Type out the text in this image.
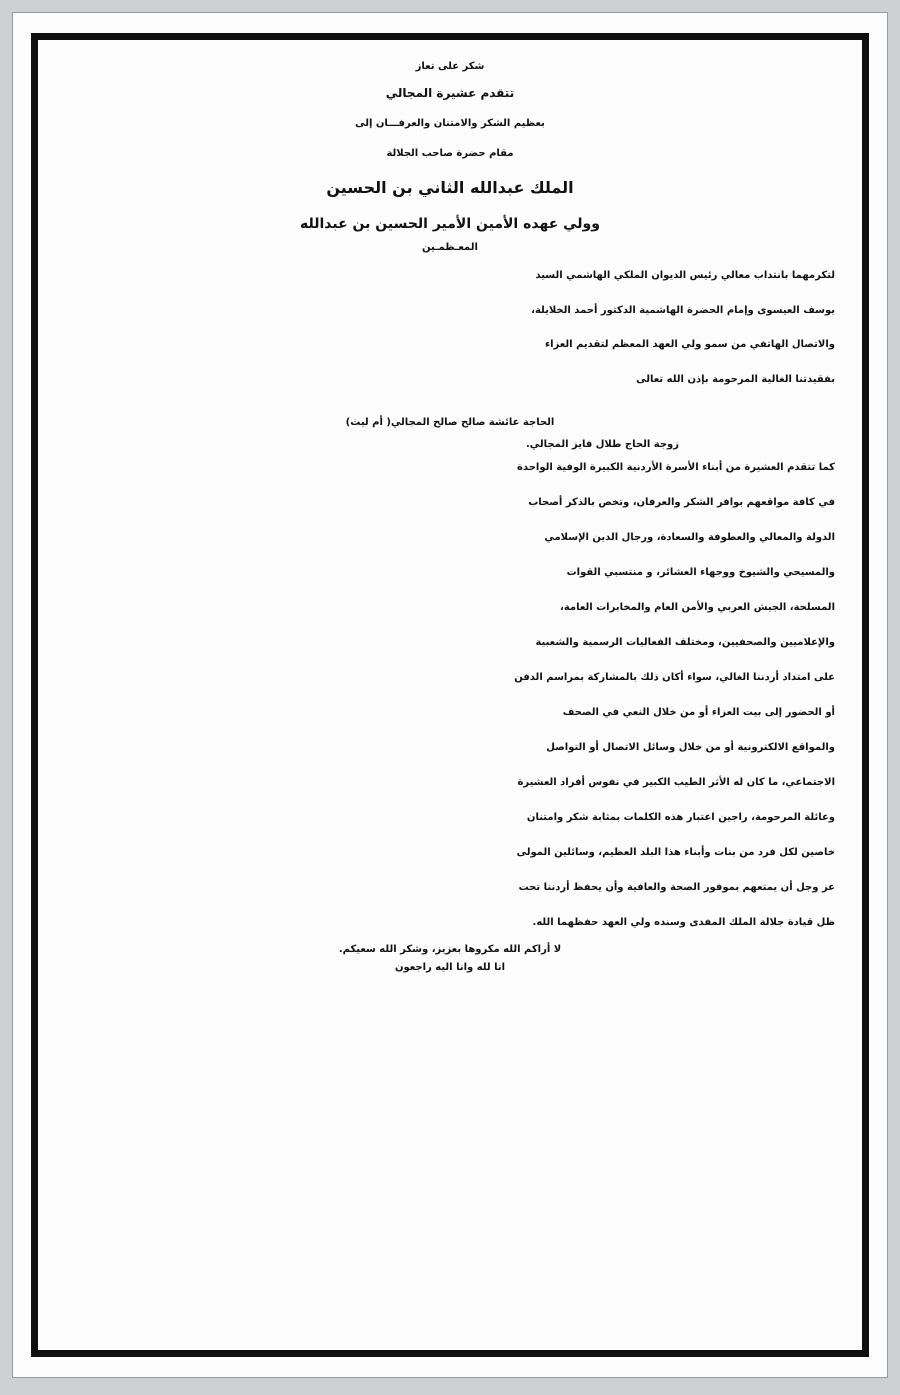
شكر على تعاز
تتقدم عشيرة المجالي
بعظيم الشكر والامتنان والعرفـــان إلى
مقام حضرة صاحب الجلالة
الملك عبدالله الثاني بن الحسين
وولي عهده الأمين الأمير الحسين بن عبدالله
المعـظمـين

لتكرمهما بانتداب معالي رئيس الديوان الملكي الهاشمي السيد

يوسف العيسوى وإمام الحضرة الهاشمية الدكتور أحمد الخلايلة،

والاتصال الهاتفي من سمو ولي العهد المعظم لتقديم العزاء

بفقيدتنا الغالية المرحومة بإذن الله تعالى

الحاجة عائشة صالح صالح المجالي( أم ليث)
زوجة الحاج طلال فايز المجالي.

كما تتقدم العشيرة من أبناء الأسرة الأردنية الكبيرة الوفية الواحدة

في كافة مواقعهم بوافر الشكر والعرفان، وتخص بالذكر أصحاب

الدولة والمعالي والعطوفة والسعادة، ورجال الدين الإسلامي

والمسيحي والشيوخ ووجهاء العشائر، و منتسبي القوات

المسلحة، الجيش العربي والأمن العام والمخابرات العامة،

والإعلاميين والصحفيين، ومختلف الفعاليات الرسمية والشعبية

على امتداد أردننا الغالي، سواء أكان ذلك بالمشاركة بمراسم الدفن

أو الحضور إلى بيت العزاء أو من خلال النعي في الصحف

والمواقع الالكترونية أو من خلال وسائل الاتصال أو التواصل

الاجتماعي، ما كان له الأثر الطيب الكبير في نفوس أفراد العشيرة

وعائلة المرحومة، راجين اعتبار هذه الكلمات بمثابة شكر وامتنان

خاصين لكل فرد من بنات وأبناء هذا البلد العظيم، وسائلين المولى

عز وجل أن يمتعهم بموفور الصحة والعافية وأن يحفظ أردننا تحت

ظل قيادة جلالة الملك المفدى وسنده ولي العهد حفظهما الله.

لا أراكم الله مكروها بعزيز، وشكر الله سعيكم.
انا لله وانا اليه راجعون
